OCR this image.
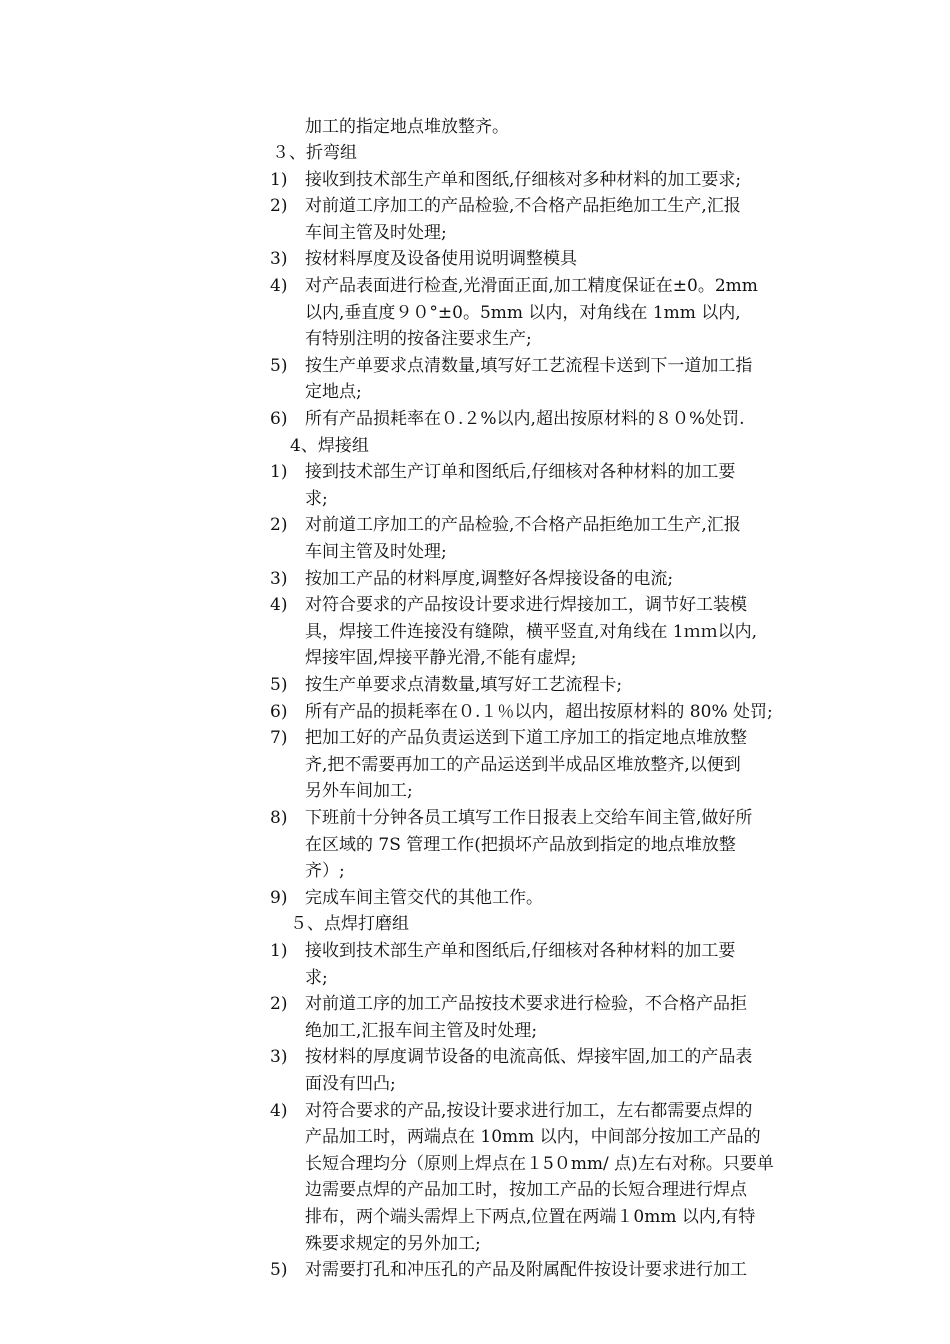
加工的指定地点堆放整齐。
３、折弯组
1) 接收到技术部生产单和图纸,仔细核对多种材料的加工要求;
2) 对前道工序加工的产品检验,不合格产品拒绝加工生产,汇报
车间主管及时处理;
3) 按材料厚度及设备使用说明调整模具
4) 对产品表面进行检查,光滑面正面,加工精度保证在±0。2mm
以内,垂直度９０°±0。5mm 以内，对角线在 1mm 以内,
有特别注明的按备注要求生产;
5) 按生产单要求点清数量,填写好工艺流程卡送到下一道加工指
定地点;
6) 所有产品损耗率在０.２%以内,超出按原材料的８０%处罚.
4、焊接组
1) 接到技术部生产订单和图纸后,仔细核对各种材料的加工要
求;
2) 对前道工序加工的产品检验,不合格产品拒绝加工生产,汇报
车间主管及时处理;
3) 按加工产品的材料厚度,调整好各焊接设备的电流;
4) 对符合要求的产品按设计要求进行焊接加工，调节好工装模
具，焊接工件连接没有缝隙，横平竖直,对角线在 1ｍｍ以内,
焊接牢固,焊接平静光滑,不能有虚焊;
5) 按生产单要求点清数量,填写好工艺流程卡;
6) 所有产品的损耗率在０.１％以内，超出按原材料的 80% 处罚;
7) 把加工好的产品负责运送到下道工序加工的指定地点堆放整
齐,把不需要再加工的产品运送到半成品区堆放整齐,以便到
另外车间加工;
8) 下班前十分钟各员工填写工作日报表上交给车间主管,做好所
在区域的 7S 管理工作(把损坏产品放到指定的地点堆放整
齐）;
9) 完成车间主管交代的其他工作。
５、点焊打磨组
1) 接收到技术部生产单和图纸后,仔细核对各种材料的加工要
求;
2) 对前道工序的加工产品按技术要求进行检验，不合格产品拒
绝加工,汇报车间主管及时处理;
3) 按材料的厚度调节设备的电流高低、焊接牢固,加工的产品表
面没有凹凸;
4) 对符合要求的产品,按设计要求进行加工，左右都需要点焊的
产品加工时，两端点在 10mm 以内，中间部分按加工产品的
长短合理均分（原则上焊点在１5０mm/ 点)左右对称。只要单
边需要点焊的产品加工时，按加工产品的长短合理进行焊点
排布，两个端头需焊上下两点,位置在两端１0mm 以内,有特
殊要求规定的另外加工;
5) 对需要打孔和冲压孔的产品及附属配件按设计要求进行加工
